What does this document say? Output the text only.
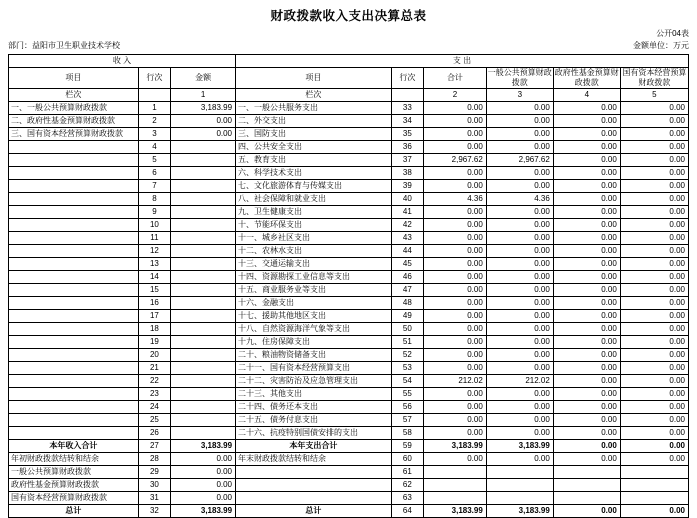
财政拨款收入支出决算总表
部门：益阳市卫生职业技术学校
公开04表
金额单位：万元
收 入			支 出					
项目	行次	金额	项目	行次	合计	一般公共预算财政拨款	政府性基金预算财政拨款	国有资本经营预算财政拨款
栏次		1	栏次		2	3	4	5
一、一般公共预算财政拨款	1	3,183.99	一、一般公共服务支出	33	0.00	0.00	0.00	0.00
二、政府性基金预算财政拨款	2	0.00	二、外交支出	34	0.00	0.00	0.00	0.00
三、国有资本经营预算财政拨款	3	0.00	三、国防支出	35	0.00	0.00	0.00	0.00
	4		四、公共安全支出	36	0.00	0.00	0.00	0.00
	5		五、教育支出	37	2,967.62	2,967.62	0.00	0.00
	6		六、科学技术支出	38	0.00	0.00	0.00	0.00
	7		七、文化旅游体育与传媒支出	39	0.00	0.00	0.00	0.00
	8		八、社会保障和就业支出	40	4.36	4.36	0.00	0.00
	9		九、卫生健康支出	41	0.00	0.00	0.00	0.00
	10		十、节能环保支出	42	0.00	0.00	0.00	0.00
	11		十一、城乡社区支出	43	0.00	0.00	0.00	0.00
	12		十二、农林水支出	44	0.00	0.00	0.00	0.00
	13		十三、交通运输支出	45	0.00	0.00	0.00	0.00
	14		十四、资源勘探工业信息等支出	46	0.00	0.00	0.00	0.00
	15		十五、商业服务业等支出	47	0.00	0.00	0.00	0.00
	16		十六、金融支出	48	0.00	0.00	0.00	0.00
	17		十七、援助其他地区支出	49	0.00	0.00	0.00	0.00
	18		十八、自然资源海洋气象等支出	50	0.00	0.00	0.00	0.00
	19		十九、住房保障支出	51	0.00	0.00	0.00	0.00
	20		二十、粮油物资储备支出	52	0.00	0.00	0.00	0.00
	21		二十一、国有资本经营预算支出	53	0.00	0.00	0.00	0.00
	22		二十二、灾害防治及应急管理支出	54	212.02	212.02	0.00	0.00
	23		二十三、其他支出	55	0.00	0.00	0.00	0.00
	24		二十四、债务还本支出	56	0.00	0.00	0.00	0.00
	25		二十五、债务付息支出	57	0.00	0.00	0.00	0.00
	26		二十六、抗疫特别国债安排的支出	58	0.00	0.00	0.00	0.00
本年收入合计	27	3,183.99	本年支出合计	59	3,183.99	3,183.99	0.00	0.00
年初财政拨款结转和结余	28	0.00	年末财政拨款结转和结余	60	0.00	0.00	0.00	0.00
一般公共预算财政拨款	29	0.00		61				
政府性基金预算财政拨款	30	0.00		62				
国有资本经营预算财政拨款	31	0.00		63				
总计	32	3,183.99	总计	64	3,183.99	3,183.99	0.00	0.00
